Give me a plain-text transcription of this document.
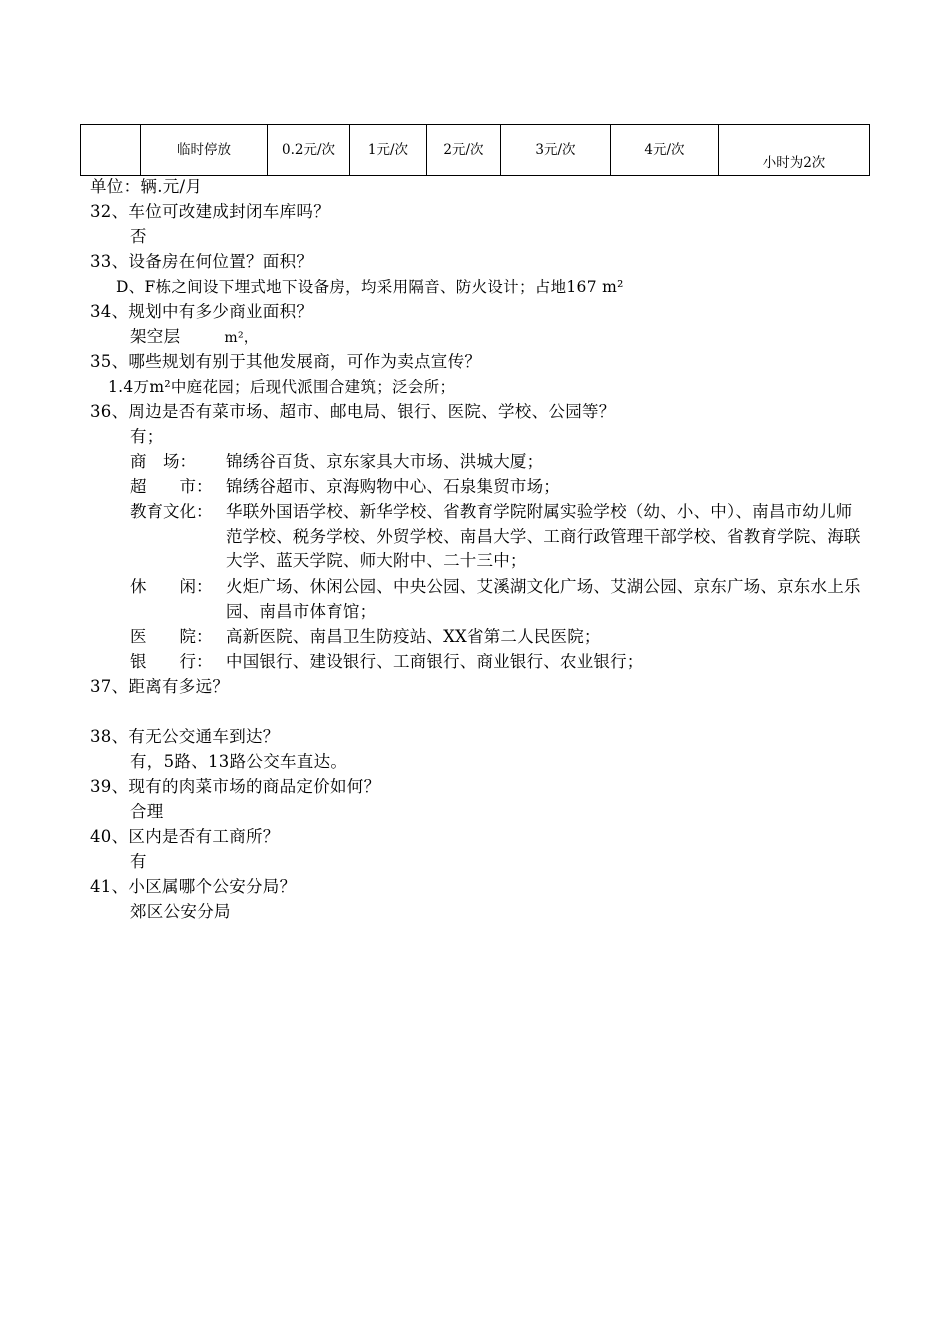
	临时停放	0.2元/次	1元/次	2元/次	3元/次	4元/次	小时为2次
单位：辆.元/月
32、车位可改建成封闭车库吗？
否
33、设备房在何位置？面积？
D、F栋之间设下埋式地下设备房，均采用隔音、防火设计；占地167 m²
34、规划中有多少商业面积？
架空层	m²，
35、哪些规划有别于其他发展商，可作为卖点宣传？
1.4万m²中庭花园；后现代派围合建筑；泛会所；
36、周边是否有菜市场、超市、邮电局、银行、医院、学校、公园等？
有；
商　场： 锦绣谷百货、京东家具大市场、洪城大厦；
超　　市： 锦绣谷超市、京海购物中心、石泉集贸市场；
教育文化： 华联外国语学校、新华学校、省教育学院附属实验学校（幼、小、中）、南昌市幼儿师范学校、税务学校、外贸学校、南昌大学、工商行政管理干部学校、省教育学院、海联大学、蓝天学院、师大附中、二十三中；
休　　闲： 火炬广场、休闲公园、中央公园、艾溪湖文化广场、艾湖公园、京东广场、京东水上乐园、南昌市体育馆；
医　　院： 高新医院、南昌卫生防疫站、XX省第二人民医院；
银　　行： 中国银行、建设银行、工商银行、商业银行、农业银行；
37、距离有多远？
38、有无公交通车到达？
有，5路、13路公交车直达。
39、现有的肉菜市场的商品定价如何？
合理
40、区内是否有工商所？
有
41、小区属哪个公安分局？
郊区公安分局
